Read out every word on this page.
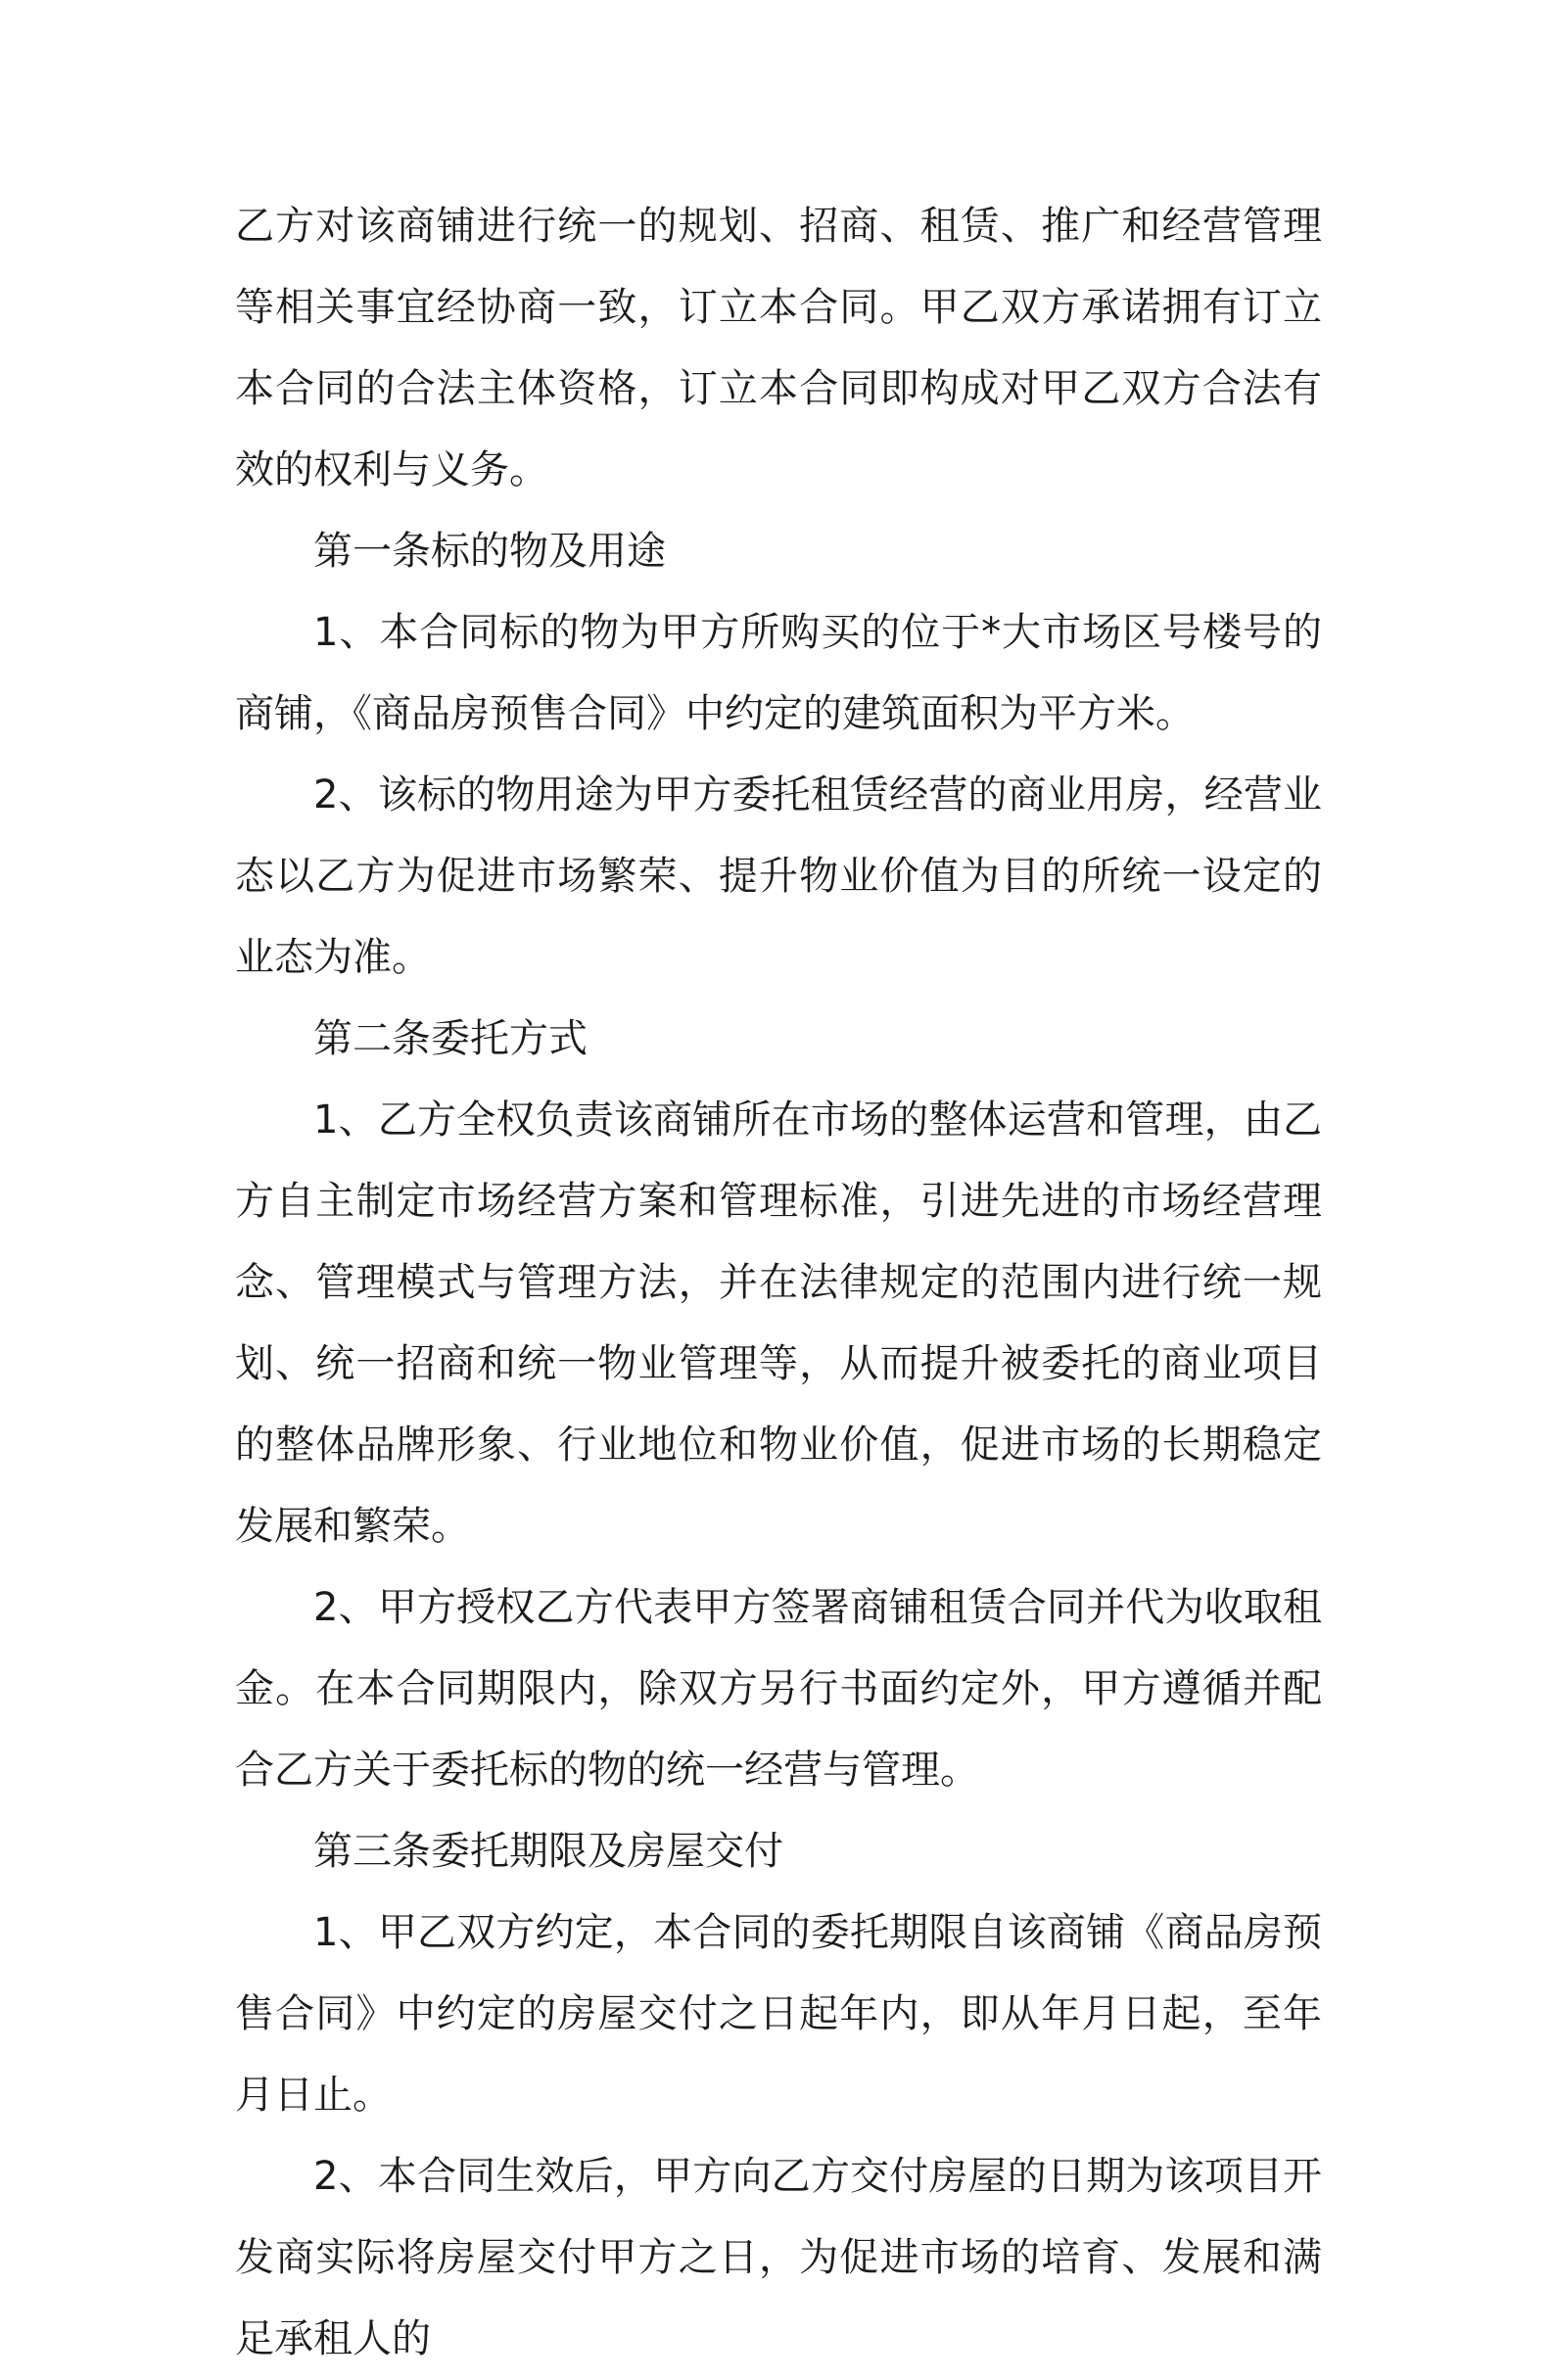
乙方对该商铺进行统一的规划、招商、租赁、推广和经营管理等相关事宜经协商一致，订立本合同。甲乙双方承诺拥有订立本合同的合法主体资格，订立本合同即构成对甲乙双方合法有效的权利与义务。

第一条标的物及用途

1、本合同标的物为甲方所购买的位于*大市场区号楼号的商铺，《商品房预售合同》中约定的建筑面积为平方米。

2、该标的物用途为甲方委托租赁经营的商业用房，经营业态以乙方为促进市场繁荣、提升物业价值为目的所统一设定的业态为准。

第二条委托方式

1、乙方全权负责该商铺所在市场的整体运营和管理，由乙方自主制定市场经营方案和管理标准，引进先进的市场经营理念、管理模式与管理方法，并在法律规定的范围内进行统一规划、统一招商和统一物业管理等，从而提升被委托的商业项目的整体品牌形象、行业地位和物业价值，促进市场的长期稳定发展和繁荣。

2、甲方授权乙方代表甲方签署商铺租赁合同并代为收取租金。在本合同期限内，除双方另行书面约定外，甲方遵循并配合乙方关于委托标的物的统一经营与管理。

第三条委托期限及房屋交付

1、甲乙双方约定，本合同的委托期限自该商铺《商品房预售合同》中约定的房屋交付之日起年内，即从年月日起，至年月日止。

2、本合同生效后，甲方向乙方交付房屋的日期为该项目开发商实际将房屋交付甲方之日，为促进市场的培育、发展和满足承租人的
